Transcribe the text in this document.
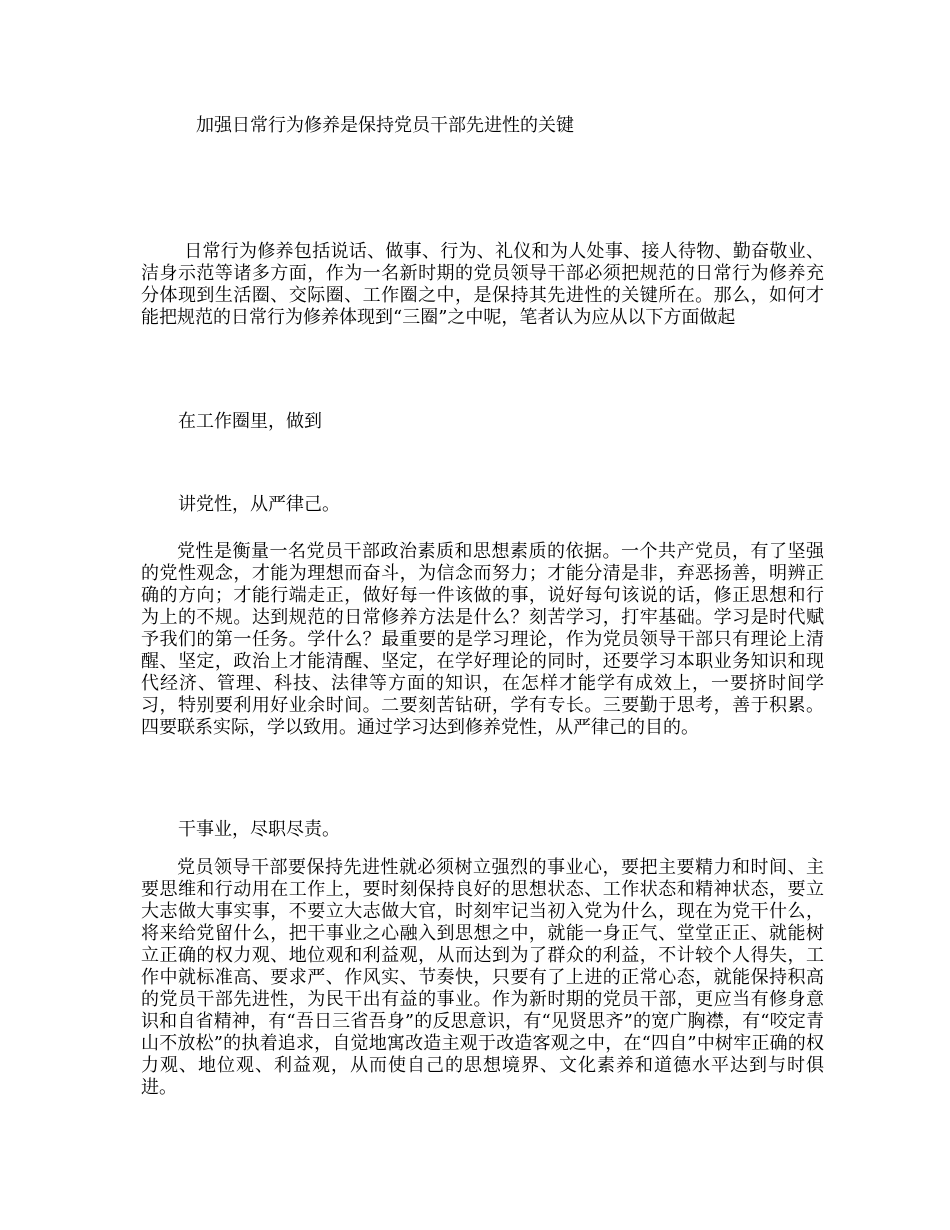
加强日常行为修养是保持党员干部先进性的关键
日常行为修养包括说话、做事、行为、礼仪和为人处事、接人待物、勤奋敬业、洁身示范等诸多方面，作为一名新时期的党员领导干部必须把规范的日常行为修养充分体现到生活圈、交际圈、工作圈之中，是保持其先进性的关键所在。那么，如何才能把规范的日常行为修养体现到“三圈”之中呢，笔者认为应从以下方面做起
在工作圈里，做到
讲党性，从严律己。
党性是衡量一名党员干部政治素质和思想素质的依据。一个共产党员，有了坚强的党性观念，才能为理想而奋斗，为信念而努力；才能分清是非，弃恶扬善，明辨正确的方向；才能行端走正，做好每一件该做的事，说好每句该说的话，修正思想和行为上的不规。达到规范的日常修养方法是什么？刻苦学习，打牢基础。学习是时代赋予我们的第一任务。学什么？最重要的是学习理论，作为党员领导干部只有理论上清醒、坚定，政治上才能清醒、坚定，在学好理论的同时，还要学习本职业务知识和现代经济、管理、科技、法律等方面的知识，在怎样才能学有成效上，一要挤时间学习，特别要利用好业余时间。二要刻苦钻研，学有专长。三要勤于思考，善于积累。四要联系实际，学以致用。通过学习达到修养党性，从严律己的目的。
干事业，尽职尽责。
党员领导干部要保持先进性就必须树立强烈的事业心，要把主要精力和时间、主要思维和行动用在工作上，要时刻保持良好的思想状态、工作状态和精神状态，要立大志做大事实事，不要立大志做大官，时刻牢记当初入党为什么，现在为党干什么，将来给党留什么，把干事业之心融入到思想之中，就能一身正气、堂堂正正、就能树立正确的权力观、地位观和利益观，从而达到为了群众的利益，不计较个人得失，工作中就标准高、要求严、作风实、节奏快，只要有了上进的正常心态，就能保持积高的党员干部先进性，为民干出有益的事业。作为新时期的党员干部，更应当有修身意识和自省精神，有“吾日三省吾身”的反思意识，有“见贤思齐”的宽广胸襟，有“咬定青山不放松”的执着追求，自觉地寓改造主观于改造客观之中，在“四自”中树牢正确的权力观、地位观、利益观，从而使自己的思想境界、文化素养和道德水平达到与时俱进。
